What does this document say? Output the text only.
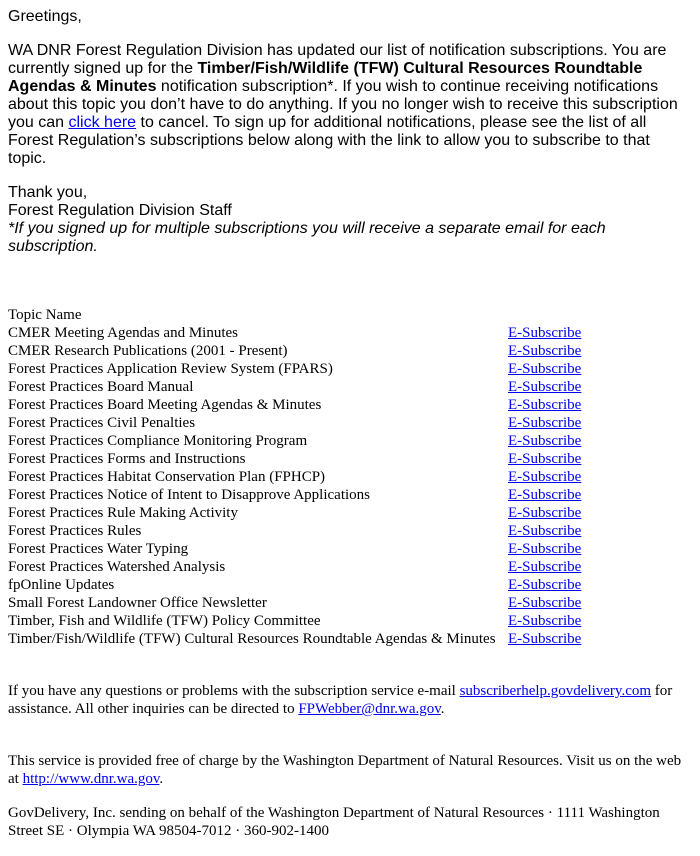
Greetings,
WA DNR Forest Regulation Division has updated our list of notification subscriptions. You are currently signed up for the Timber/Fish/Wildlife (TFW) Cultural Resources Roundtable Agendas & Minutes notification subscription*. If you wish to continue receiving notifications about this topic you don’t have to do anything. If you no longer wish to receive this subscription you can click here to cancel. To sign up for additional notifications, please see the list of all Forest Regulation’s subscriptions below along with the link to allow you to subscribe to that topic.
Thank you,
Forest Regulation Division Staff
*If you signed up for multiple subscriptions you will receive a separate email for each subscription.
Topic Name
CMER Meeting Agendas and Minutes	E-Subscribe
CMER Research Publications (2001 - Present)	E-Subscribe
Forest Practices Application Review System (FPARS)	E-Subscribe
Forest Practices Board Manual	E-Subscribe
Forest Practices Board Meeting Agendas & Minutes	E-Subscribe
Forest Practices Civil Penalties	E-Subscribe
Forest Practices Compliance Monitoring Program	E-Subscribe
Forest Practices Forms and Instructions	E-Subscribe
Forest Practices Habitat Conservation Plan (FPHCP)	E-Subscribe
Forest Practices Notice of Intent to Disapprove Applications	E-Subscribe
Forest Practices Rule Making Activity	E-Subscribe
Forest Practices Rules	E-Subscribe
Forest Practices Water Typing	E-Subscribe
Forest Practices Watershed Analysis	E-Subscribe
fpOnline Updates	E-Subscribe
Small Forest Landowner Office Newsletter	E-Subscribe
Timber, Fish and Wildlife (TFW) Policy Committee	E-Subscribe
Timber/Fish/Wildlife (TFW) Cultural Resources Roundtable Agendas & Minutes E-Subscribe
If you have any questions or problems with the subscription service e-mail subscriberhelp.govdelivery.com for assistance. All other inquiries can be directed to FPWebber@dnr.wa.gov.
This service is provided free of charge by the Washington Department of Natural Resources. Visit us on the web at http://www.dnr.wa.gov.
GovDelivery, Inc. sending on behalf of the Washington Department of Natural Resources · 1111 Washington Street SE · Olympia WA 98504-7012 · 360-902-1400
